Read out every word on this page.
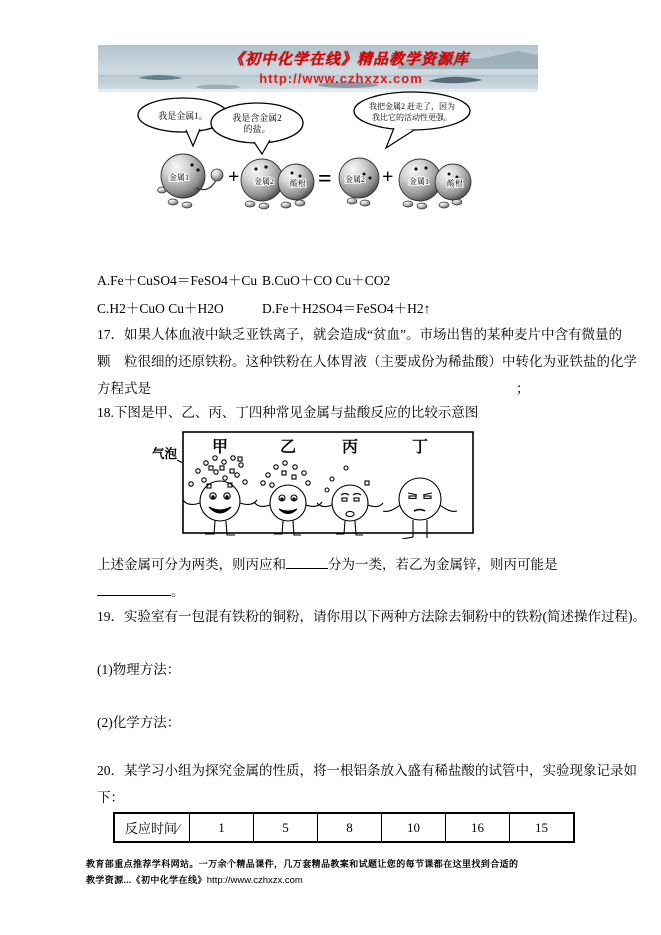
《初中化学在线》精品教学资源库
http://www.czhxzx.com
我是金属1。	我是含金属2
的盐。
我把金属2 赶走了，因为
我比它的活动性更强。
金属1 + 金属2 酸根 = 金属2 + 金属1 酸根
A.Fe＋CuSO4＝FeSO4＋Cu B.CuO＋CO Cu＋CO2
C.H2＋CuO Cu＋H2O	D.Fe＋H2SO4＝FeSO4＋H2↑
17．如果人体血液中缺乏亚铁离子，就会造成“贫血”。市场出售的某种麦片中含有微量的
颗　粒很细的还原铁粉。这种铁粉在人体胃液（主要成份为稀盐酸）中转化为亚铁盐的化学
方程式是	；
18.下图是甲、乙、丙、丁四种常见金属与盐酸反应的比较示意图
气泡 甲	乙	丙	丁
上述金属可分为两类，则丙应和	分为一类，若乙为金属锌，则丙可能是
。
19．实验室有一包混有铁粉的铜粉，请你用以下两种方法除去铜粉中的铁粉(简述操作过程)。
(1)物理方法：
(2)化学方法：
20．某学习小组为探究金属的性质，将一根铝条放入盛有稀盐酸的试管中，实验现象记录如
下：
反应时间∕	1	5	8	10	16	15
教育部重点推荐学科网站。一万余个精品课件，几万套精品教案和试题让您的每节课都在这里找到合适的
教学资源...《初中化学在线》http://www.czhxzx.com
